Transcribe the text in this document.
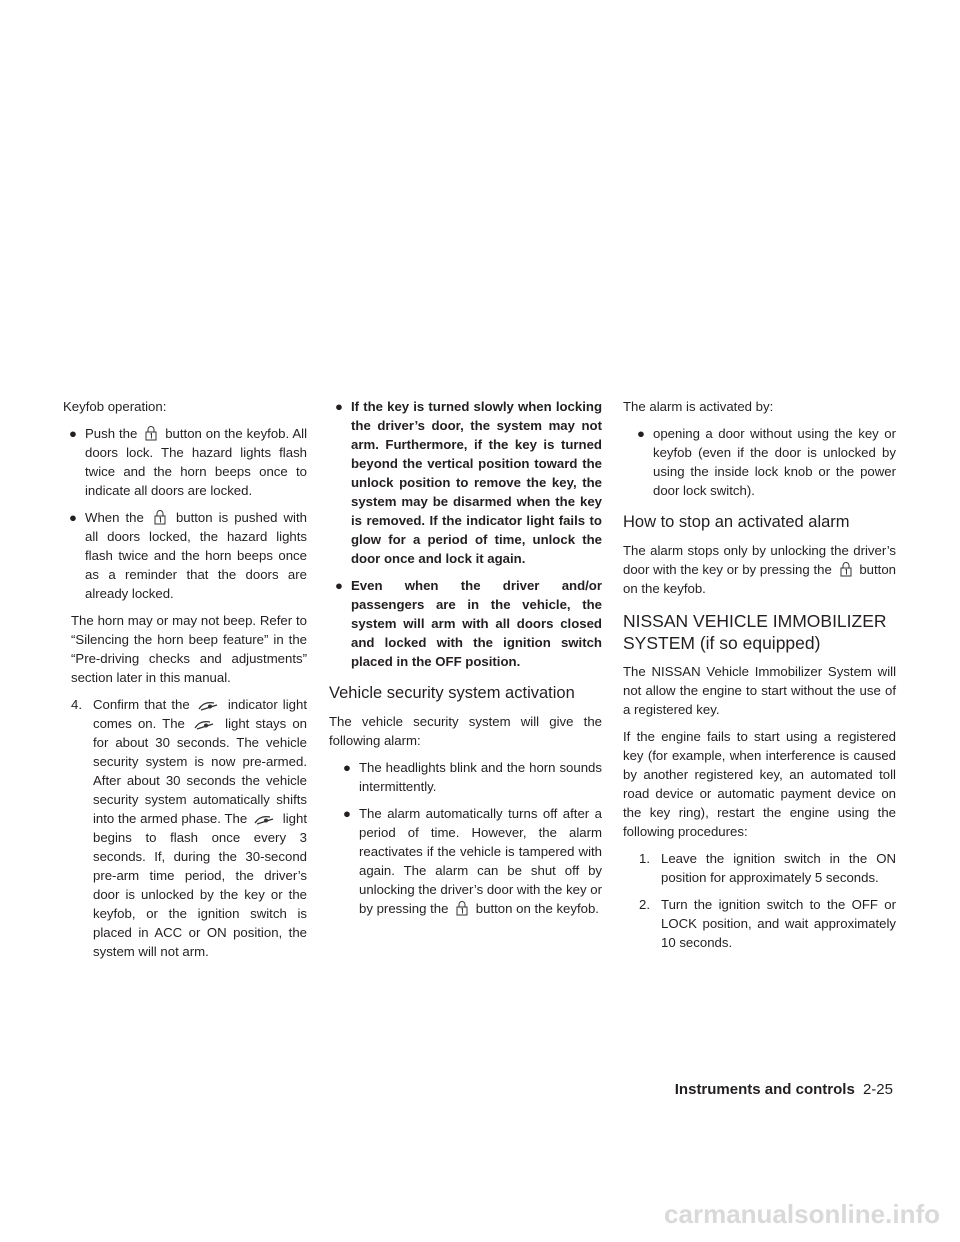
Keyfob operation:

● Push the button on the keyfob. All doors lock. The hazard lights flash twice and the horn beeps once to indicate all doors are locked.
● When the button is pushed with all doors locked, the hazard lights flash twice and the horn beeps once as a reminder that the doors are already locked.

The horn may or may not beep. Refer to “Silencing the horn beep feature” in the “Pre-driving checks and adjustments” section later in this manual.

4. Confirm that the	indicator light comes on. The	light stays on for about 30 seconds. The vehicle security system is now pre-armed. After about 30 seconds the vehicle security system automatically shifts into the armed phase. The	light begins to flash once every 3 seconds. If, during the 30-second pre-arm time period, the driver’s door is unlocked by the key or the keyfob, or the ignition switch is placed in ACC or ON position, the system will not arm.
● If the key is turned slowly when locking the driver’s door, the system may not arm. Furthermore, if the key is turned beyond the vertical position toward the unlock position to remove the key, the system may be disarmed when the key is removed. If the indicator light fails to glow for a period of time, unlock the door once and lock it again.
● Even when the driver and/or passengers are in the vehicle, the system will arm with all doors closed and locked with the ignition switch placed in the OFF position.
Vehicle security system activation

The vehicle security system will give the following alarm:

● The headlights blink and the horn sounds intermittently.
● The alarm automatically turns off after a period of time. However, the alarm reactivates if the vehicle is tampered with again. The alarm can be shut off by unlocking the driver’s door with the key or by pressing the button on the keyfob.

The alarm is activated by:

● opening a door without using the key or keyfob (even if the door is unlocked by using the inside lock knob or the power door lock switch).
How to stop an activated alarm

The alarm stops only by unlocking the driver’s door with the key or by pressing the button on the keyfob.

NISSAN VEHICLE IMMOBILIZER SYSTEM (if so equipped)

The NISSAN Vehicle Immobilizer System will not allow the engine to start without the use of a registered key.

If the engine fails to start using a registered key (for example, when interference is caused by another registered key, an automated toll road device or automatic payment device on the key ring), restart the engine using the following procedures:

1. Leave the ignition switch in the ON position for approximately 5 seconds.
2. Turn the ignition switch to the OFF or LOCK position, and wait approximately 10 seconds.
Instruments and controls 2-25
carmanualsonline.info
